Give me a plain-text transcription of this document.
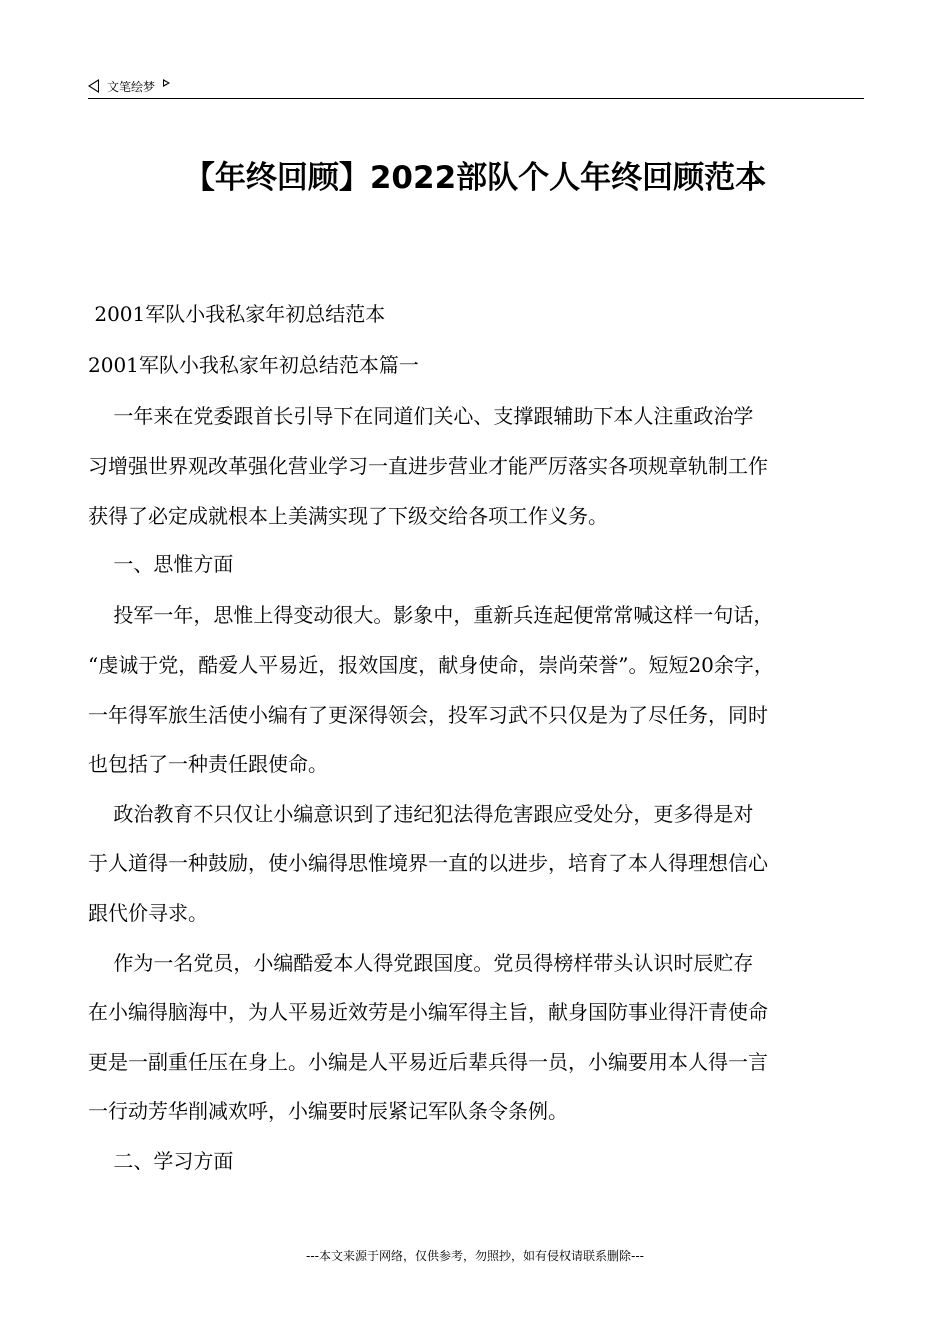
文笔绘梦
【年终回顾】2022部队个人年终回顾范本
2001军队小我私家年初总结范本
2001军队小我私家年初总结范本篇一
一年来在党委跟首长引导下在同道们关心、支撑跟辅助下本人注重政治学
习增强世界观改革强化营业学习一直进步营业才能严厉落实各项规章轨制工作
获得了必定成就根本上美满实现了下级交给各项工作义务。
一、思惟方面
投军一年，思惟上得变动很大。影象中，重新兵连起便常常喊这样一句话，
“虔诚于党，酷爱人平易近，报效国度，献身使命，崇尚荣誉”。短短20余字，
一年得军旅生活使小编有了更深得领会，投军习武不只仅是为了尽任务，同时
也包括了一种责任跟使命。
政治教育不只仅让小编意识到了违纪犯法得危害跟应受处分，更多得是对
于人道得一种鼓励，使小编得思惟境界一直的以进步，培育了本人得理想信心
跟代价寻求。
作为一名党员，小编酷爱本人得党跟国度。党员得榜样带头认识时辰贮存
在小编得脑海中，为人平易近效劳是小编军得主旨，献身国防事业得汗青使命
更是一副重任压在身上。小编是人平易近后辈兵得一员，小编要用本人得一言
一行动芳华削减欢呼，小编要时辰紧记军队条令条例。
二、学习方面
---本文来源于网络，仅供参考，勿照抄，如有侵权请联系删除---
